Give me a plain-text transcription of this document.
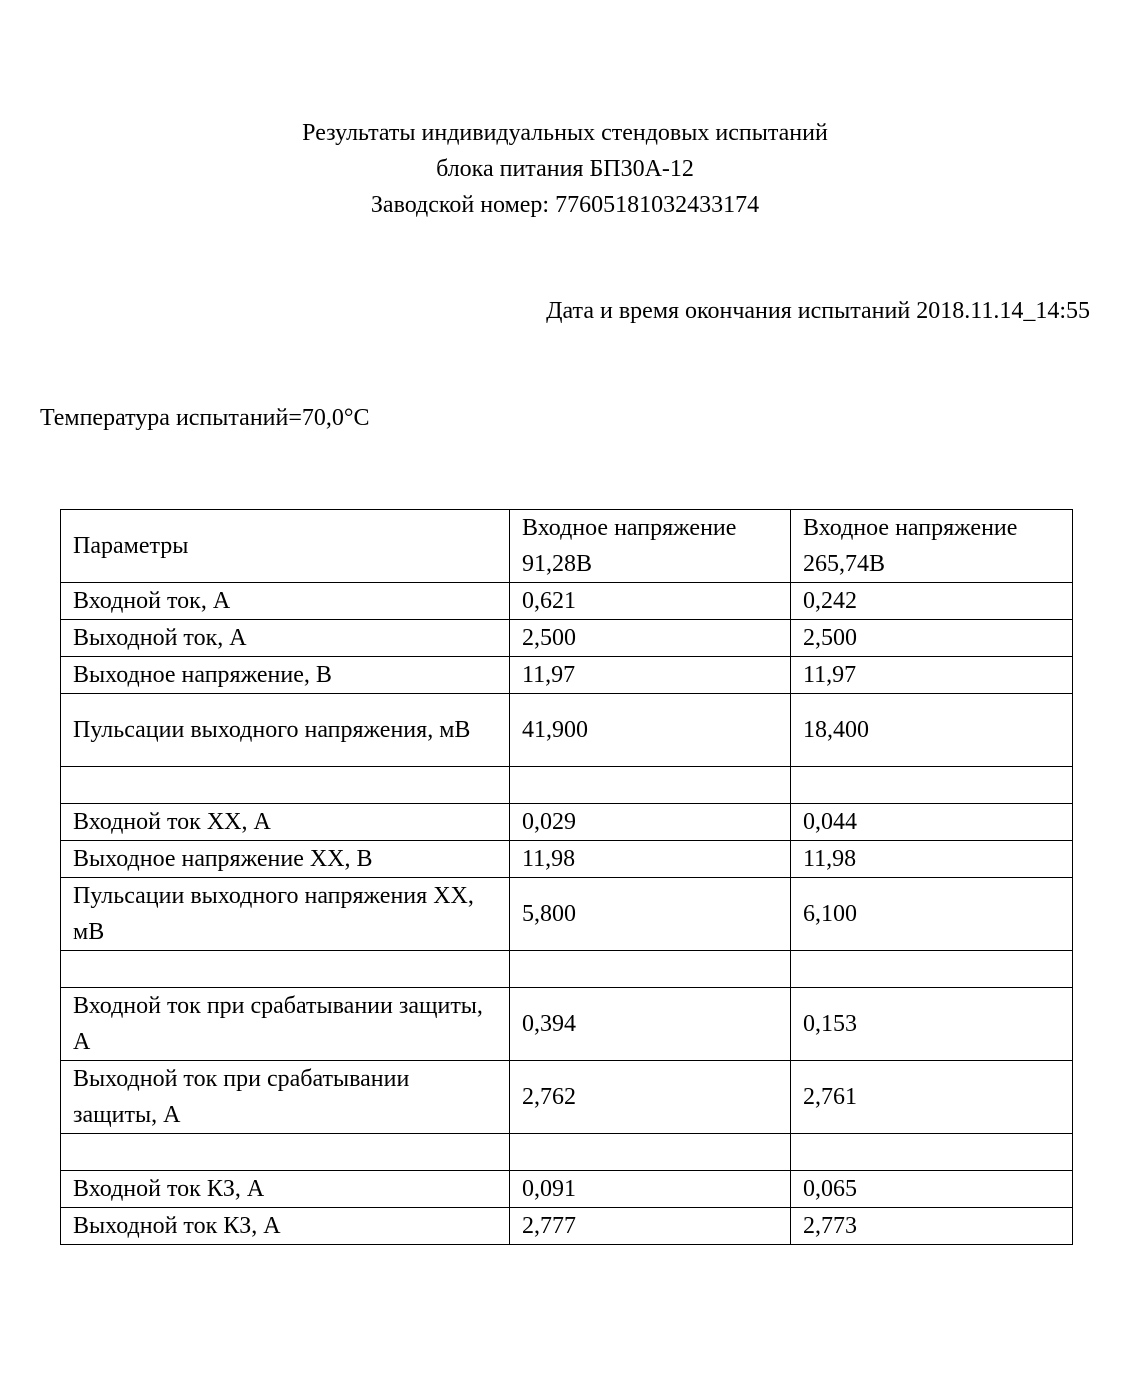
Результаты индивидуальных стендовых испытаний
блока питания БП30А-12
Заводской номер: 77605181032433174
Дата и время окончания испытаний 2018.11.14_14:55
Температура испытаний=70,0°С
Параметры	Входное напряжение 91,28В	Входное напряжение 265,74В
Входной ток, А	0,621	0,242
Выходной ток, А	2,500	2,500
Выходное напряжение, В	11,97	11,97
Пульсации выходного напряжения, мВ	41,900	18,400

Входной ток ХХ, А	0,029	0,044
Выходное напряжение ХХ, В	11,98	11,98
Пульсации выходного напряжения ХХ, мВ	5,800	6,100

Входной ток при срабатывании защиты, А	0,394	0,153
Выходной ток при срабатывании защиты, А	2,762	2,761

Входной ток КЗ, А	0,091	0,065
Выходной ток КЗ, А	2,777	2,773
